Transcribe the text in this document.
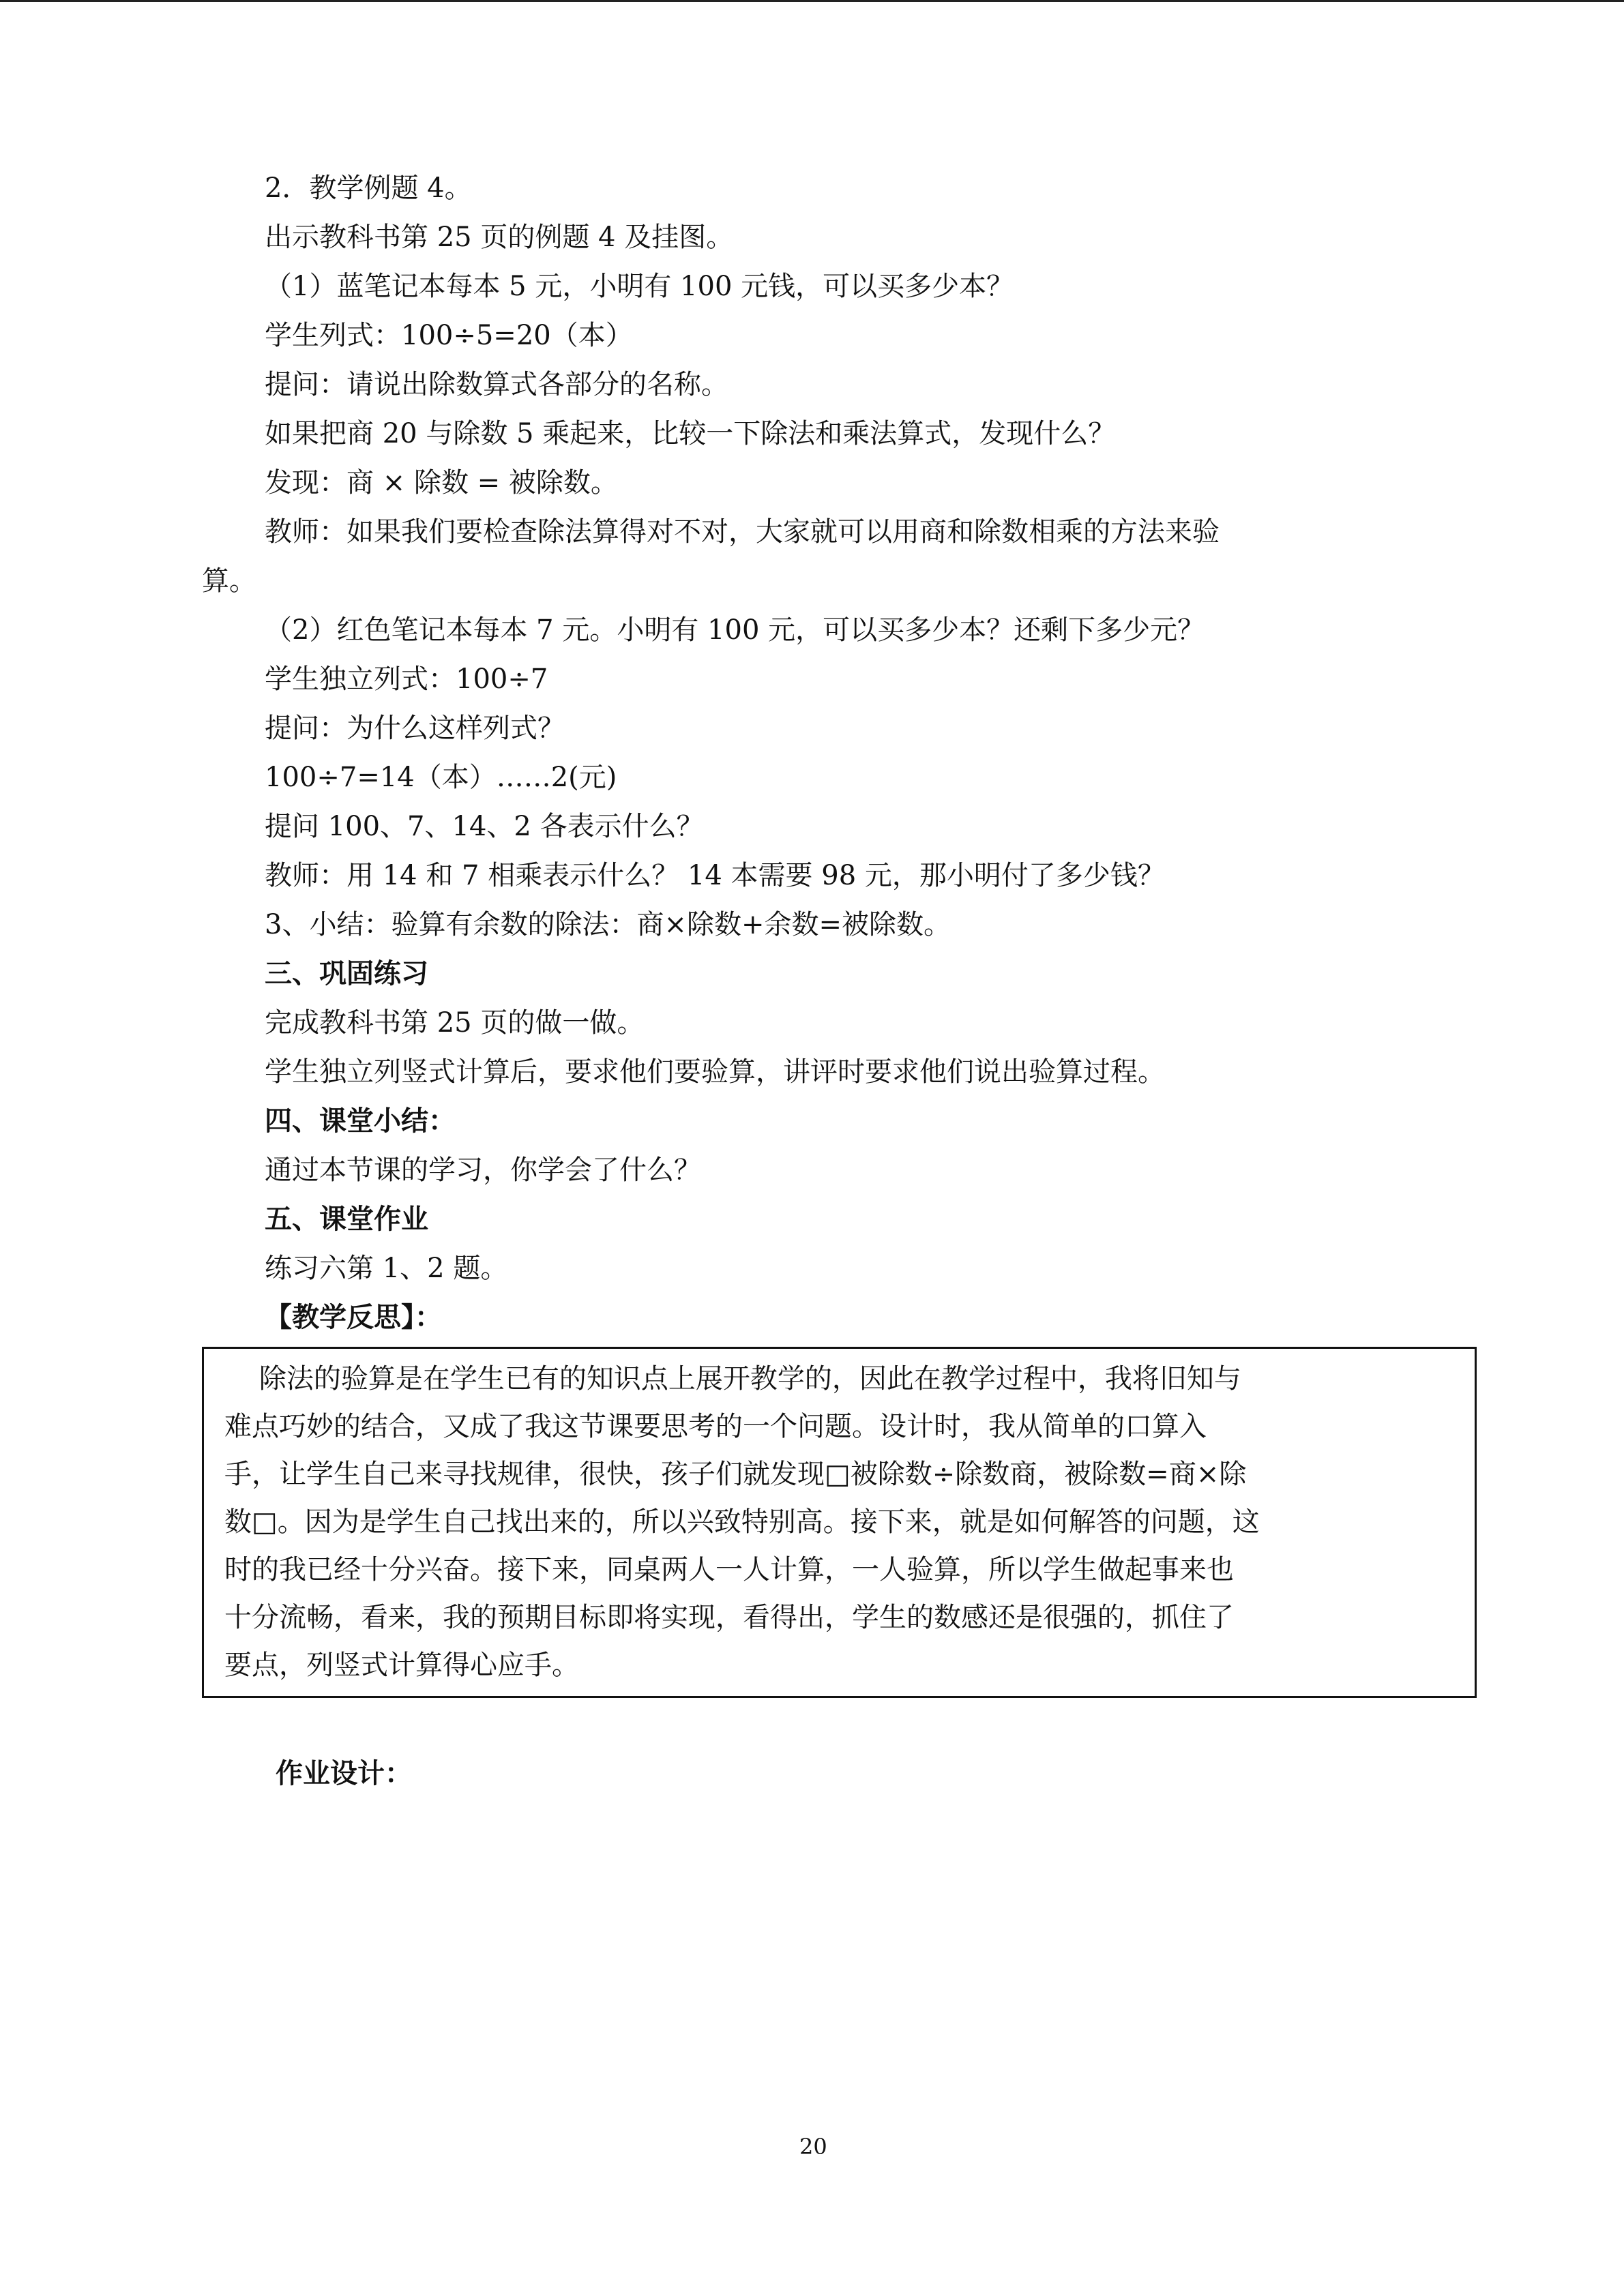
2．教学例题 4。
出示教科书第 25 页的例题 4 及挂图。
（1）蓝笔记本每本 5 元，小明有 100 元钱，可以买多少本？
学生列式：100÷5=20（本）
提问：请说出除数算式各部分的名称。
如果把商 20 与除数 5 乘起来，比较一下除法和乘法算式，发现什么？
发现：商 × 除数 = 被除数。
教师：如果我们要检查除法算得对不对，大家就可以用商和除数相乘的方法来验
算。
（2）红色笔记本每本 7 元。小明有 100 元，可以买多少本？还剩下多少元？
学生独立列式：100÷7
提问：为什么这样列式？
100÷7=14（本）……2(元)
提问 100、7、14、2 各表示什么？
教师：用 14 和 7 相乘表示什么？ 14 本需要 98 元，那小明付了多少钱？
3、小结：验算有余数的除法：商×除数+余数=被除数。
三、巩固练习
完成教科书第 25 页的做一做。
学生独立列竖式计算后，要求他们要验算，讲评时要求他们说出验算过程。
四、课堂小结：
通过本节课的学习，你学会了什么？
五、课堂作业
练习六第 1、2 题。
【教学反思】：
除法的验算是在学生已有的知识点上展开教学的，因此在教学过程中，我将旧知与
难点巧妙的结合，又成了我这节课要思考的一个问题。设计时，我从简单的口算入
手，让学生自己来寻找规律，很快，孩子们就发现□被除数÷除数商，被除数=商×除
数□。因为是学生自己找出来的，所以兴致特别高。接下来，就是如何解答的问题，这
时的我已经十分兴奋。接下来，同桌两人一人计算，一人验算，所以学生做起事来也
十分流畅，看来，我的预期目标即将实现，看得出，学生的数感还是很强的，抓住了
要点，列竖式计算得心应手。
作业设计：
20
